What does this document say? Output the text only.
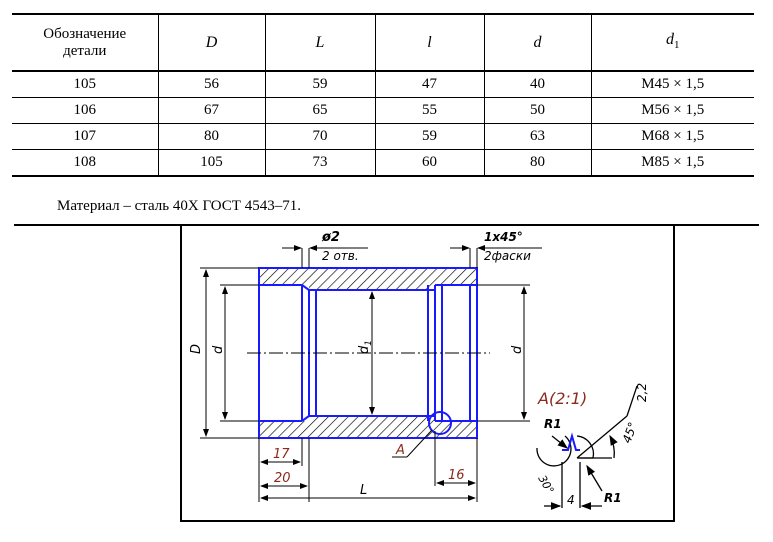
Обозначение
детали	D	L	l	d	$d_1$
105	56	59	47	40	M45 × 1,5
106	67	65	55	50	M56 × 1,5
107	80	70	59	63	M68 × 1,5
108	105	73	60	80	M85 × 1,5
Материал – сталь 40Х ГОСТ 4543–71.
ø2
2 отв.
1x45°
2фаски
D d	$d_1$
d
17
20
L
16
A
A(2:1)
R1
R1
4
30°
45°
2,2
